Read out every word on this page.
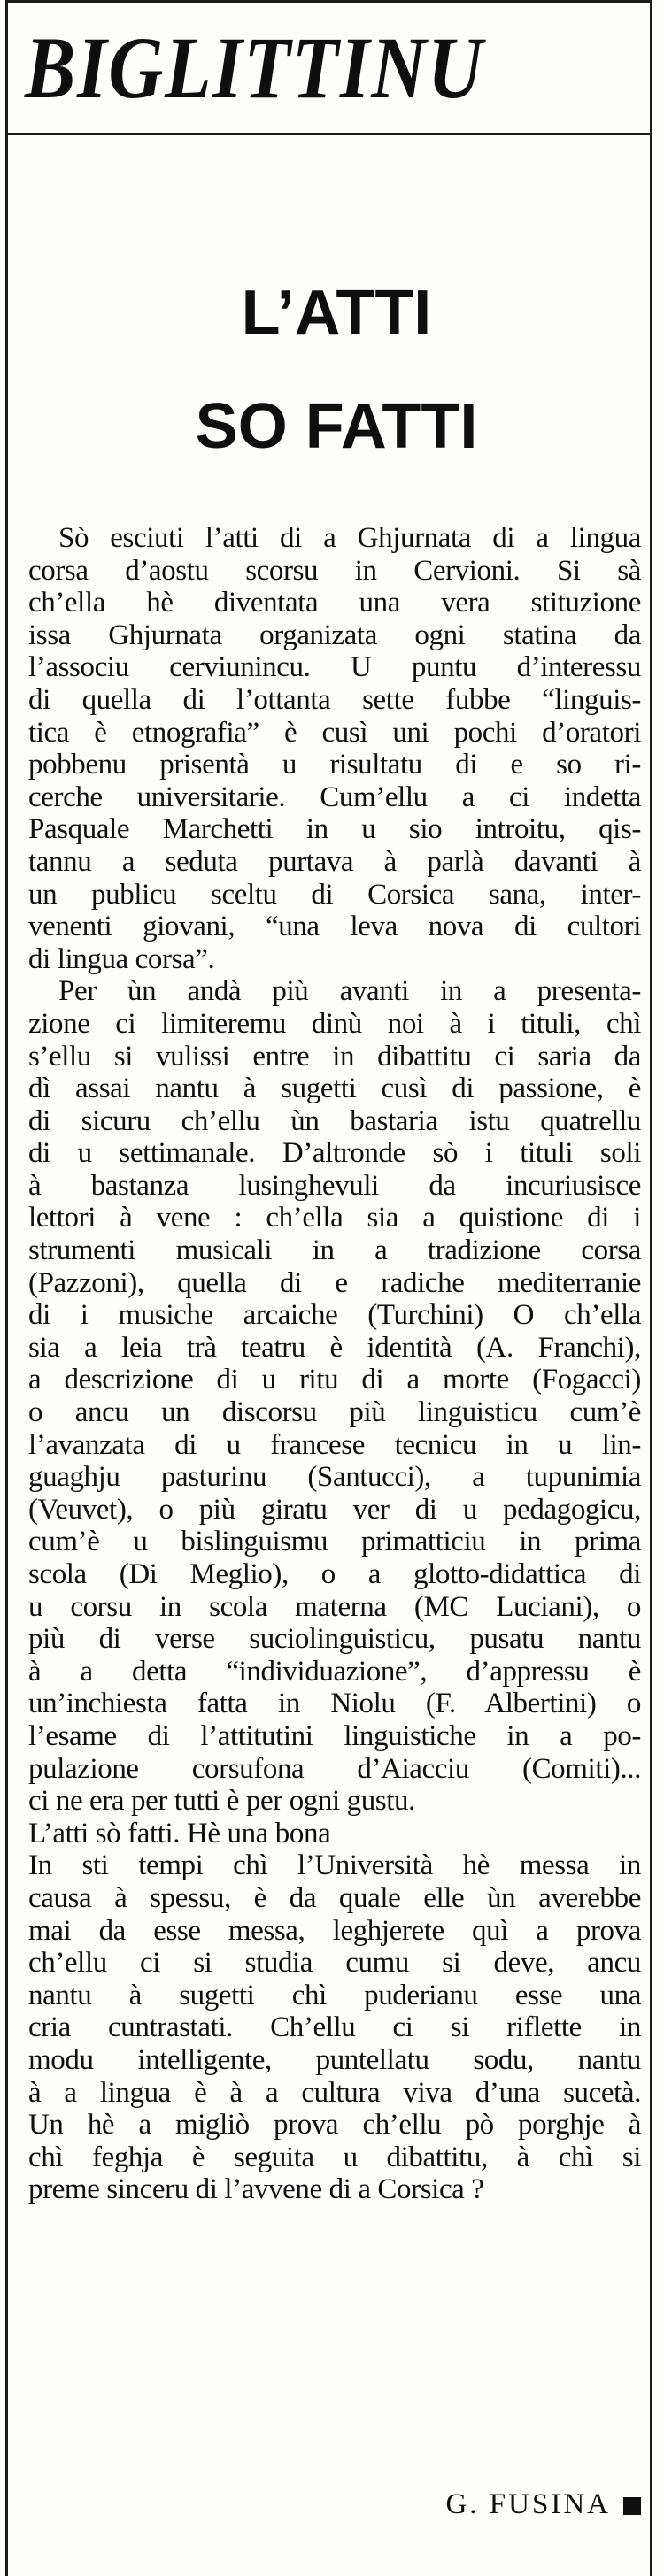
BIGLITTINU
L’ATTI
SO FATTI
Sò esciuti l’atti di a Ghjurnata di a lingua
corsa d’aostu scorsu in Cervioni. Si sà
ch’ella hè diventata una vera stituzione
issa Ghjurnata organizata ogni statina da
l’associu cerviunincu. U puntu d’interessu
di quella di l’ottanta sette fubbe “linguis-
tica è etnografia” è cusì uni pochi d’oratori
pobbenu prisentà u risultatu di e so ri-
cerche universitarie. Cum’ellu a ci indetta
Pasquale Marchetti in u sio introitu, qis-
tannu a seduta purtava à parlà davanti à
un publicu sceltu di Corsica sana, inter-
venenti giovani, “una leva nova di cultori
di lingua corsa”.
Per ùn andà più avanti in a presenta-
zione ci limiteremu dinù noi à i tituli, chì
s’ellu si vulissi entre in dibattitu ci saria da
dì assai nantu à sugetti cusì di passione, è
di sicuru ch’ellu ùn bastaria istu quatrellu
di u settimanale. D’altronde sò i tituli soli
à bastanza lusinghevuli da incuriusisce
lettori à vene : ch’ella sia a quistione di i
strumenti musicali in a tradizione corsa
(Pazzoni), quella di e radiche mediterranie
di i musiche arcaiche (Turchini) O ch’ella
sia a leia trà teatru è identità (A. Franchi),
a descrizione di u ritu di a morte (Fogacci)
o ancu un discorsu più linguisticu cum’è
l’avanzata di u francese tecnicu in u lin-
guaghju pasturinu (Santucci), a tupunimia
(Veuvet), o più giratu ver di u pedagogicu,
cum’è u bislinguismu primatticiu in prima
scola (Di Meglio), o a glotto-didattica di
u corsu in scola materna (MC Luciani), o
più di verse suciolinguisticu, pusatu nantu
à a detta “individuazione”, d’appressu è
un’inchiesta fatta in Niolu (F. Albertini) o
l’esame di l’attitutini linguistiche in a po-
pulazione corsufona d’Aiacciu (Comiti)...
ci ne era per tutti è per ogni gustu.
L’atti sò fatti. Hè una bona
In sti tempi chì l’Università hè messa in
causa à spessu, è da quale elle ùn averebbe
mai da esse messa, leghjerete quì a prova
ch’ellu ci si studia cumu si deve, ancu
nantu à sugetti chì puderianu esse una
cria cuntrastati. Ch’ellu ci si riflette in
modu intelligente, puntellatu sodu, nantu
à a lingua è à a cultura viva d’una sucetà.
Un hè a migliò prova ch’ellu pò porghje à
chì feghja è seguita u dibattitu, à chì si
preme sinceru di l’avvene di a Corsica ?
G. FUSINA
